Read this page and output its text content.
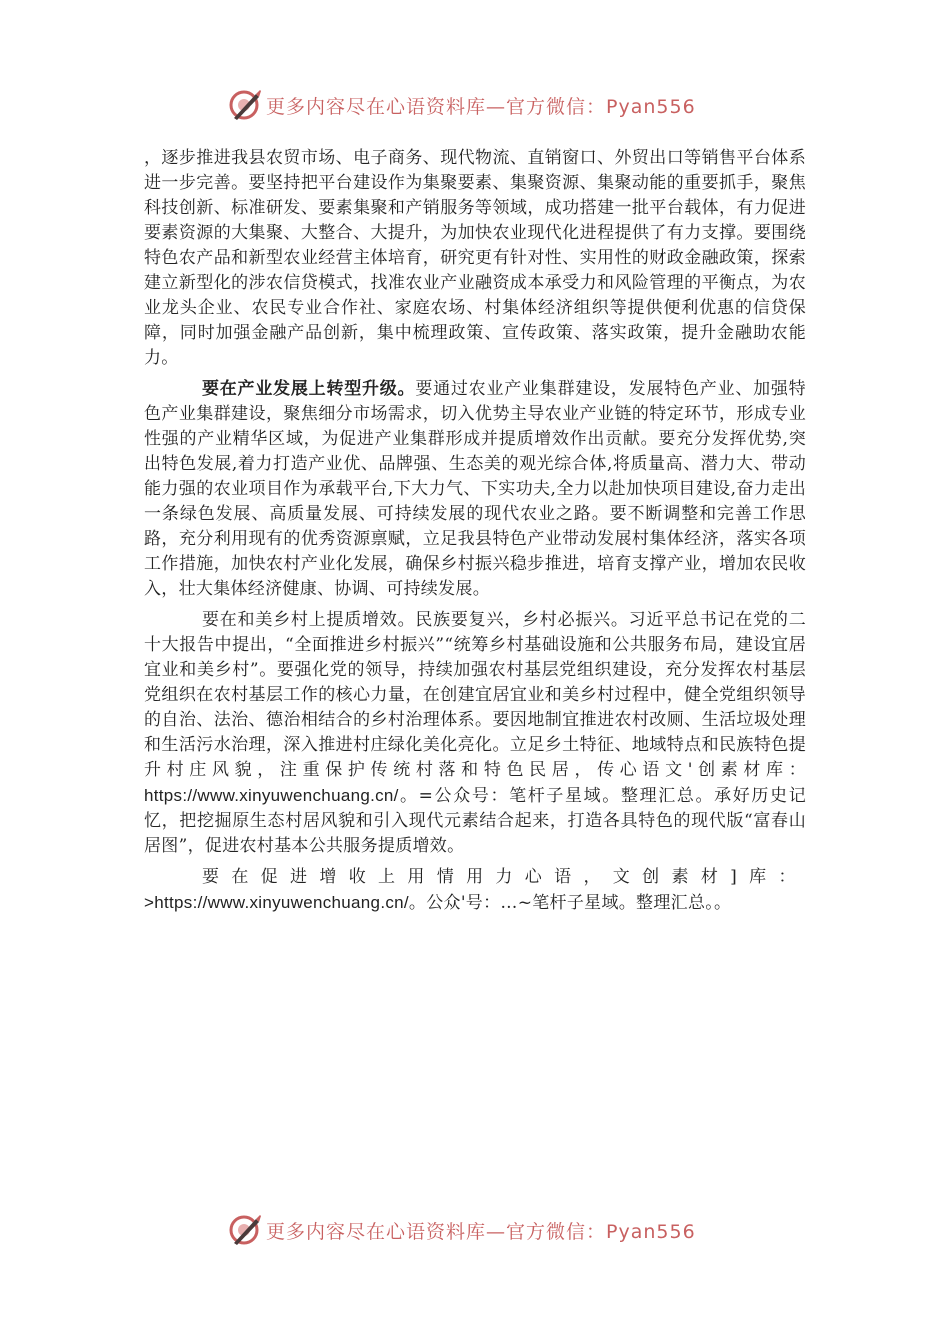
更多内容尽在心语资料库—官方微信：Pyan556

，逐步推进我县农贸市场、电子商务、现代物流、直销窗口、外贸出口等销售平台体系进一步完善。要坚持把平台建设作为集聚要素、集聚资源、集聚动能的重要抓手，聚焦科技创新、标准研发、要素集聚和产销服务等领域，成功搭建一批平台载体，有力促进要素资源的大集聚、大整合、大提升，为加快农业现代化进程提供了有力支撑。要围绕特色农产品和新型农业经营主体培育，研究更有针对性、实用性的财政金融政策，探索建立新型化的涉农信贷模式，找准农业产业融资成本承受力和风险管理的平衡点，为农业龙头企业、农民专业合作社、家庭农场、村集体经济组织等提供便利优惠的信贷保障，同时加强金融产品创新，集中梳理政策、宣传政策、落实政策，提升金融助农能力。

要在产业发展上转型升级。要通过农业产业集群建设，发展特色产业、加强特色产业集群建设，聚焦细分市场需求，切入优势主导农业产业链的特定环节，形成专业性强的产业精华区域，为促进产业集群形成并提质增效作出贡献。要充分发挥优势,突出特色发展,着力打造产业优、品牌强、生态美的观光综合体,将质量高、潜力大、带动能力强的农业项目作为承载平台,下大力气、下实功夫,全力以赴加快项目建设,奋力走出一条绿色发展、高质量发展、可持续发展的现代农业之路。要不断调整和完善工作思路，充分利用现有的优秀资源禀赋，立足我县特色产业带动发展村集体经济，落实各项工作措施，加快农村产业化发展，确保乡村振兴稳步推进，培育支撑产业，增加农民收入，壮大集体经济健康、协调、可持续发展。

要在和美乡村上提质增效。民族要复兴，乡村必振兴。习近平总书记在党的二十大报告中提出，“全面推进乡村振兴”“统筹乡村基础设施和公共服务布局，建设宜居宜业和美乡村”。要强化党的领导，持续加强农村基层党组织建设，充分发挥农村基层党组织在农村基层工作的核心力量，在创建宜居宜业和美乡村过程中，健全党组织领导的自治、法治、德治相结合的乡村治理体系。要因地制宜推进农村改厕、生活垃圾处理和生活污水治理，深入推进村庄绿化美化亮化。立足乡土特征、地域特点和民族特色提升村庄风貌，注重保护传统村落和特色民居，传心语文'创素材库：https://www.xinyuwenchuang.cn/。=公众号：笔杆子星域。整理汇总。承好历史记忆，把挖掘原生态村居风貌和引入现代元素结合起来，打造各具特色的现代版“富春山居图”，促进农村基本公共服务提质增效。

要在促进增收上用情用力心语，文创素材]库：>https://www.xinyuwenchuang.cn/。公众'号：…~笔杆子星域。整理汇总。。

更多内容尽在心语资料库—官方微信：Pyan556
